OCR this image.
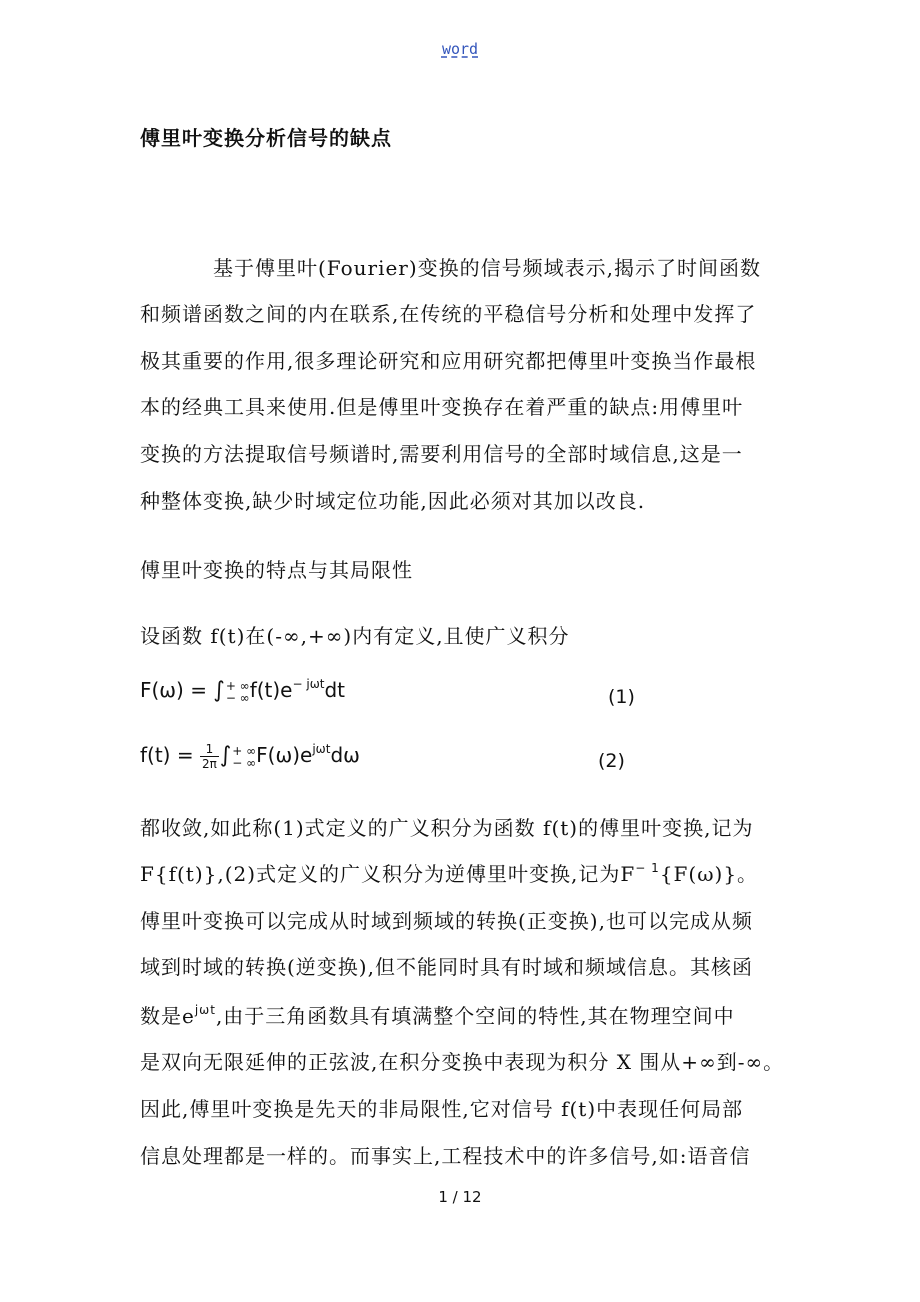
word
傅里叶变换分析信号的缺点
基于傅里叶(Fourier)变换的信号频域表示,揭示了时间函数
和频谱函数之间的内在联系,在传统的平稳信号分析和处理中发挥了
极其重要的作用,很多理论研究和应用研究都把傅里叶变换当作最根
本的经典工具来使用.但是傅里叶变换存在着严重的缺点:用傅里叶
变换的方法提取信号频谱时,需要利用信号的全部时域信息,这是一
种整体变换,缺少时域定位功能,因此必须对其加以改良.
傅里叶变换的特点与其局限性
设函数 f(t)在(-∞,+∞)内有定义,且使广义积分
F(ω) = ∫ + ∞
− ∞ $f(t)e^{- j\omega t}dt$	(1)
$f(t) = \frac{1}{2\pi}$ ∫ + ∞
− ∞ $F(\omega)e^{j\omega t}d\omega$	(2)
都收敛,如此称(1)式定义的广义积分为函数 f(t)的傅里叶变换,记为
F{f(t)},(2)式定义的广义积分为逆傅里叶变换,记为$F^{- 1}\{F(\omega)\}$。
傅里叶变换可以完成从时域到频域的转换(正变换),也可以完成从频
域到时域的转换(逆变换),但不能同时具有时域和频域信息。其核函
数是$e^{j\omega t}$,由于三角函数具有填满整个空间的特性,其在物理空间中
是双向无限延伸的正弦波,在积分变换中表现为积分 X 围从+∞到-∞。
因此,傅里叶变换是先天的非局限性,它对信号 f(t)中表现任何局部
信息处理都是一样的。而事实上,工程技术中的许多信号,如:语音信
1 / 12
